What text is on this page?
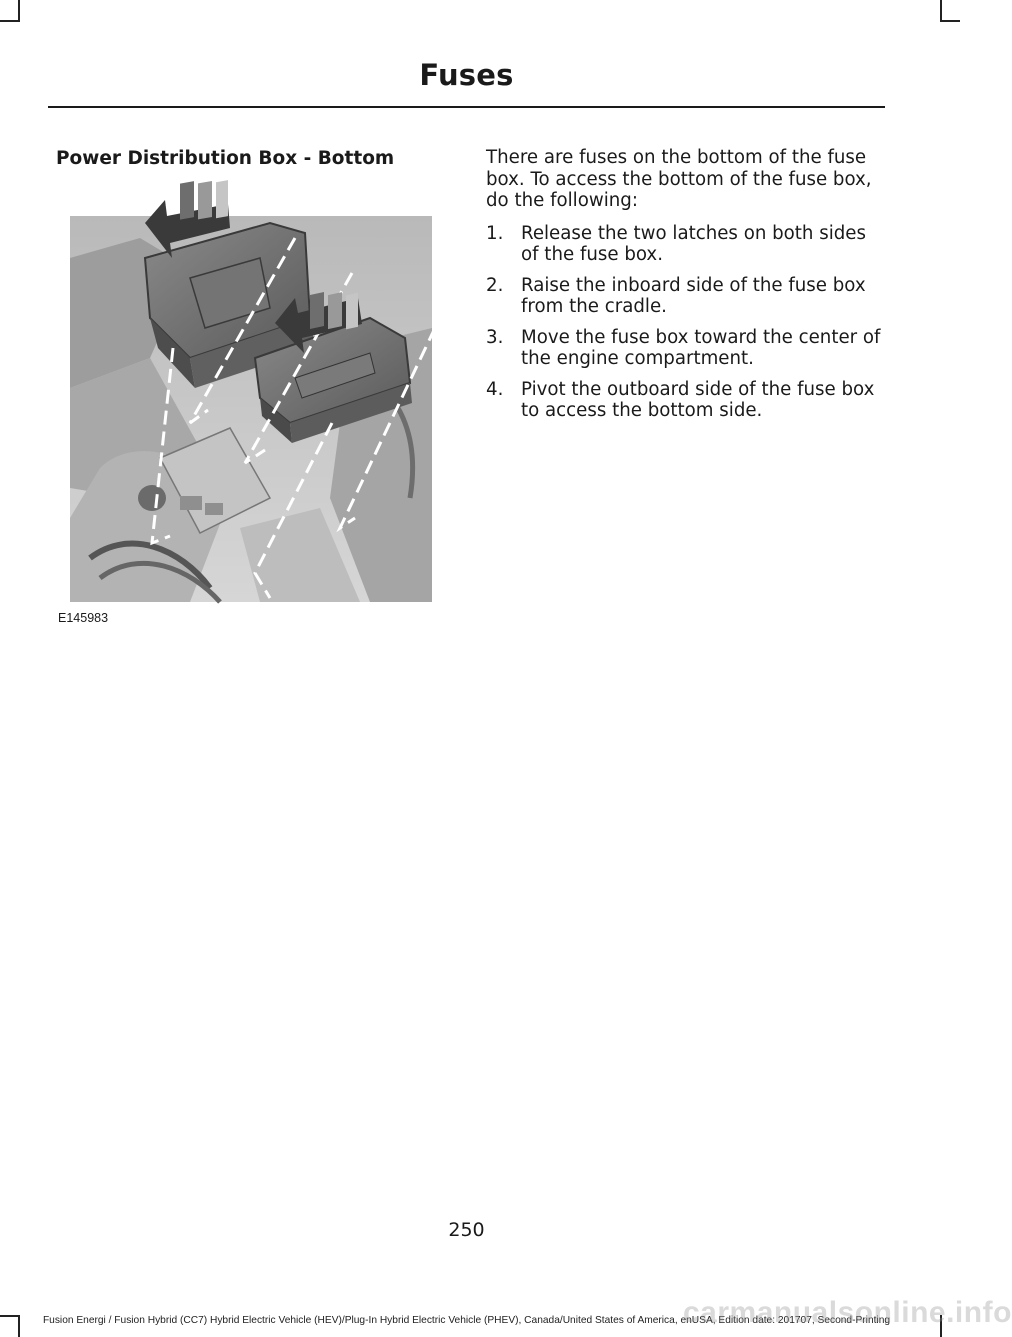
Fuses
Power Distribution Box - Bottom
E145983

There are fuses on the bottom of the fuse box. To access the bottom of the fuse box, do the following:

1. Release the two latches on both sides of the fuse box.
2. Raise the inboard side of the fuse box from the cradle.
3. Move the fuse box toward the center of the engine compartment.
4. Pivot the outboard side of the fuse box to access the bottom side.
250
Fusion Energi / Fusion Hybrid (CC7) Hybrid Electric Vehicle (HEV)/Plug-In Hybrid Electric Vehicle (PHEV), Canada/United States of America, enUSA, Edition date: 201707, Second-Printing
carmanualsonline.info
